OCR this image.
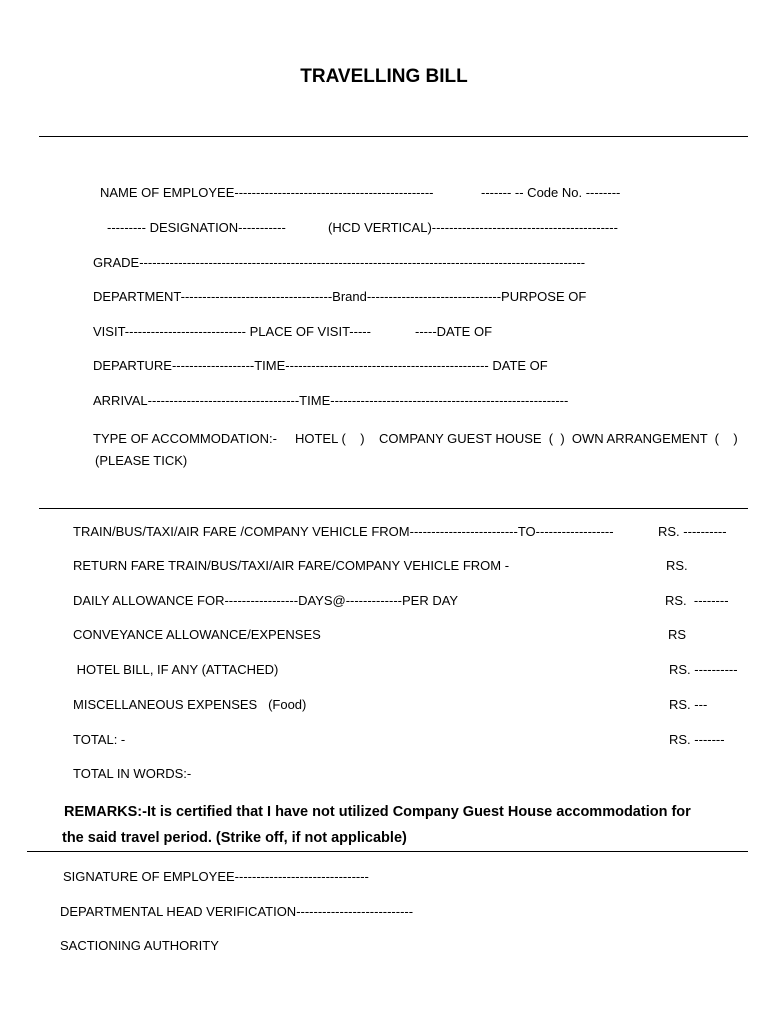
TRAVELLING BILL
NAME OF EMPLOYEE----------------------------------------------	------- -- Code No. --------
--------- DESIGNATION-----------	(HCD VERTICAL)-------------------------------------------
GRADE-------------------------------------------------------------------------------------------------------
DEPARTMENT-----------------------------------Brand-------------------------------PURPOSE OF
VISIT---------------------------- PLACE OF VISIT-----	-----DATE OF
DEPARTURE-------------------TIME----------------------------------------------- DATE OF
ARRIVAL-----------------------------------TIME-------------------------------------------------------
TYPE OF ACCOMMODATION:-     HOTEL (    )    COMPANY GUEST HOUSE  (  )  OWN ARRANGEMENT  (    )
(PLEASE TICK)
TRAIN/BUS/TAXI/AIR FARE /COMPANY VEHICLE FROM-------------------------TO------------------	RS. ----------
RETURN FARE TRAIN/BUS/TAXI/AIR FARE/COMPANY VEHICLE FROM -	RS.
DAILY ALLOWANCE FOR-----------------DAYS@-------------PER DAY	RS.  --------
CONVEYANCE ALLOWANCE/EXPENSES	RS
HOTEL BILL, IF ANY (ATTACHED)	RS. ----------
MISCELLANEOUS EXPENSES   (Food)	RS. ---
TOTAL: -	RS. -------
TOTAL IN WORDS:-
REMARKS:-It is certified that I have not utilized Company Guest House accommodation for
the said travel period. (Strike off, if not applicable)
SIGNATURE OF EMPLOYEE-------------------------------
DEPARTMENTAL HEAD VERIFICATION---------------------------
SACTIONING AUTHORITY
